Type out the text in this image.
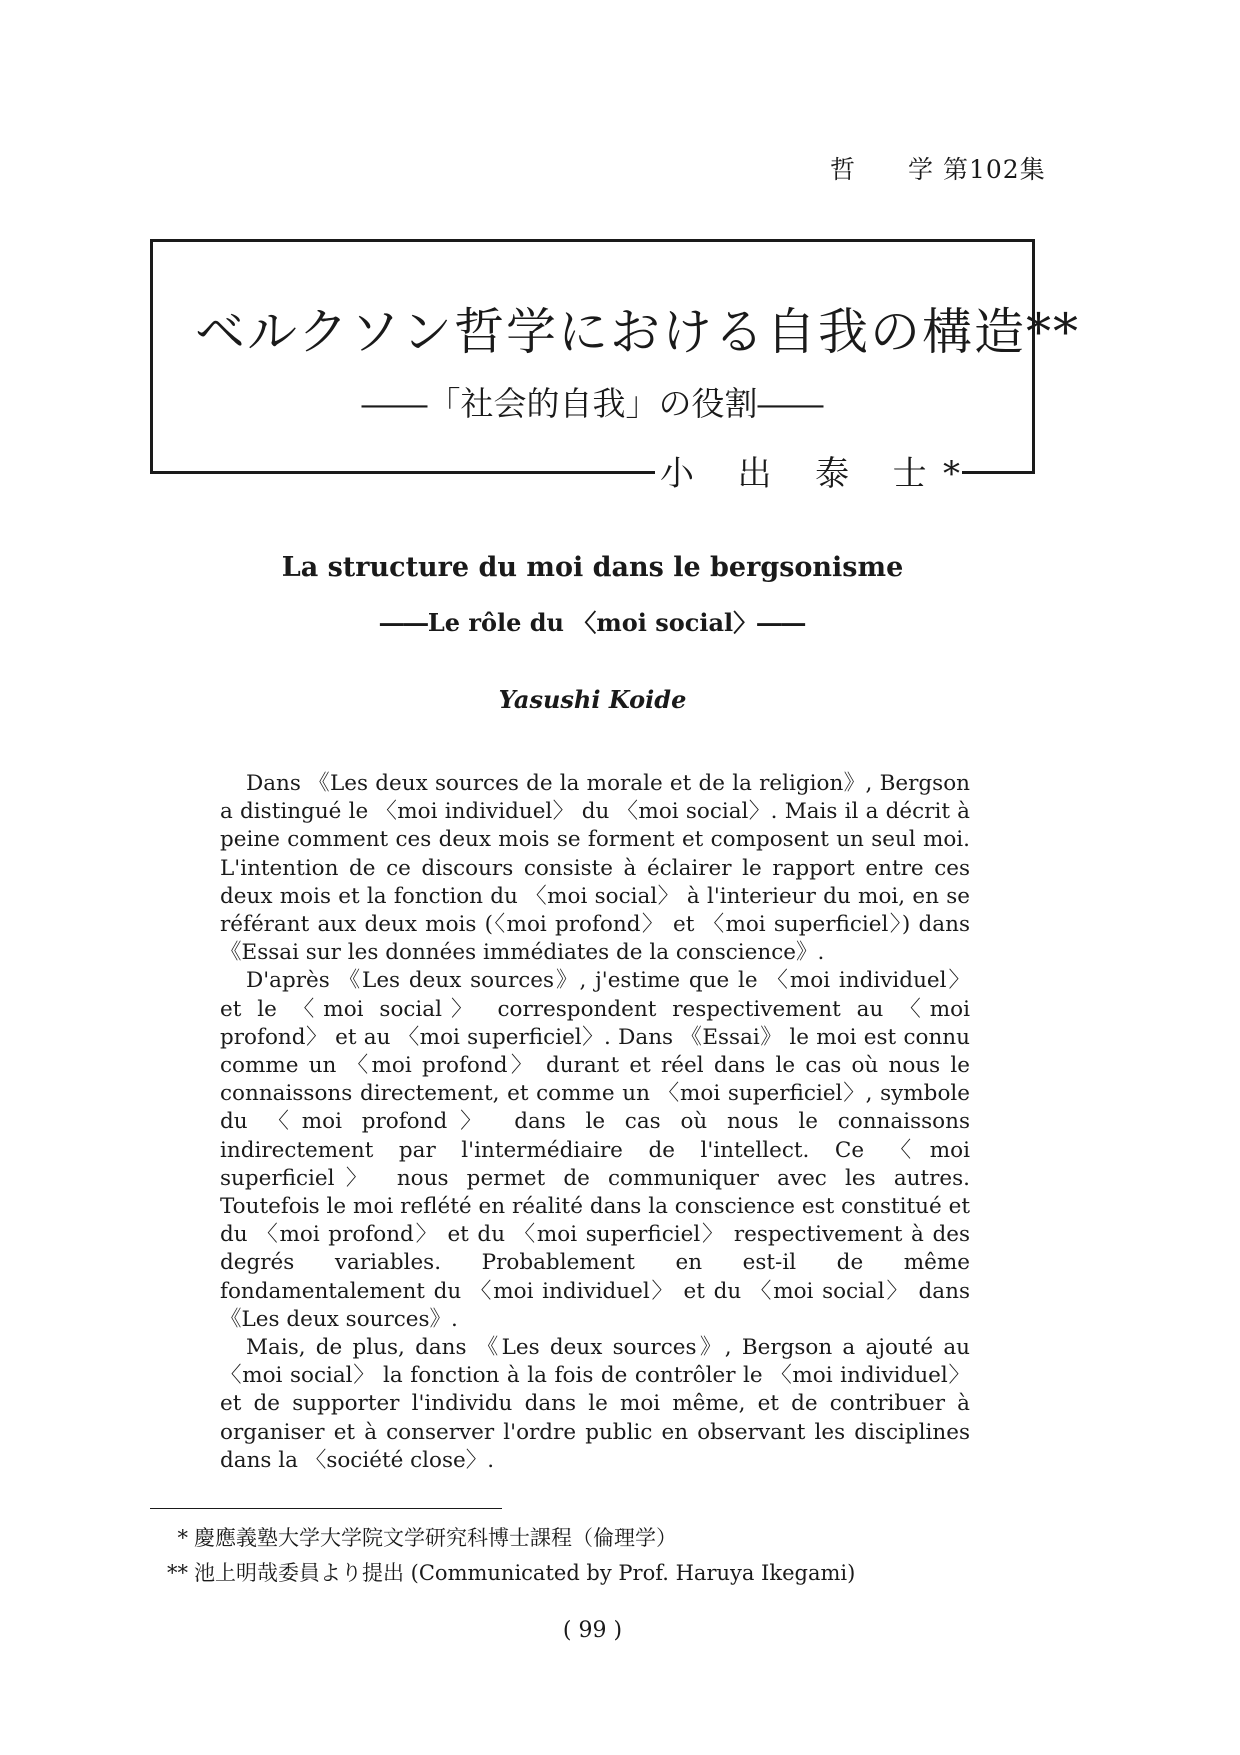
哲 学 第102集
ベルクソン哲学における自我の構造**
――「社会的自我」の役割――
小 出 泰 士*
La structure du moi dans le bergsonisme
――Le rôle du 〈moi social〉――
Yasushi Koide

Dans 《Les deux sources de la morale et de la religion》, Bergson a distingué le 〈moi individuel〉 du 〈moi social〉. Mais il a décrit à peine comment ces deux mois se forment et composent un seul moi. L'intention de ce discours consiste à éclairer le rapport entre ces deux mois et la fonction du 〈moi social〉 à l'interieur du moi, en se référant aux deux mois (〈moi profond〉 et 〈moi superficiel〉) dans 《Essai sur les données immédiates de la conscience》.

D'après 《Les deux sources》, j'estime que le 〈moi individuel〉 et le 〈moi social〉 correspondent respectivement au 〈moi profond〉 et au 〈moi superficiel〉. Dans 《Essai》 le moi est connu comme un 〈moi profond〉 durant et réel dans le cas où nous le connaissons directement, et comme un 〈moi superficiel〉, symbole du 〈moi profond〉 dans le cas où nous le connaissons indirectement par l'intermédiaire de l'intellect. Ce 〈moi superficiel〉 nous permet de communiquer avec les autres. Toutefois le moi reflété en réalité dans la conscience est constitué et du 〈moi profond〉 et du 〈moi superficiel〉 respectivement à des degrés variables. Probablement en est-il de même fondamentalement du 〈moi individuel〉 et du 〈moi social〉 dans 《Les deux sources》.

Mais, de plus, dans 《Les deux sources》, Bergson a ajouté au 〈moi social〉 la fonction à la fois de contrôler le 〈moi individuel〉 et de supporter l'individu dans le moi même, et de contribuer à organiser et à conserver l'ordre public en observant les disciplines dans la 〈société close〉.

* 慶應義塾大学大学院文学研究科博士課程（倫理学）
** 池上明哉委員より提出 (Communicated by Prof. Haruya Ikegami)
( 99 )
